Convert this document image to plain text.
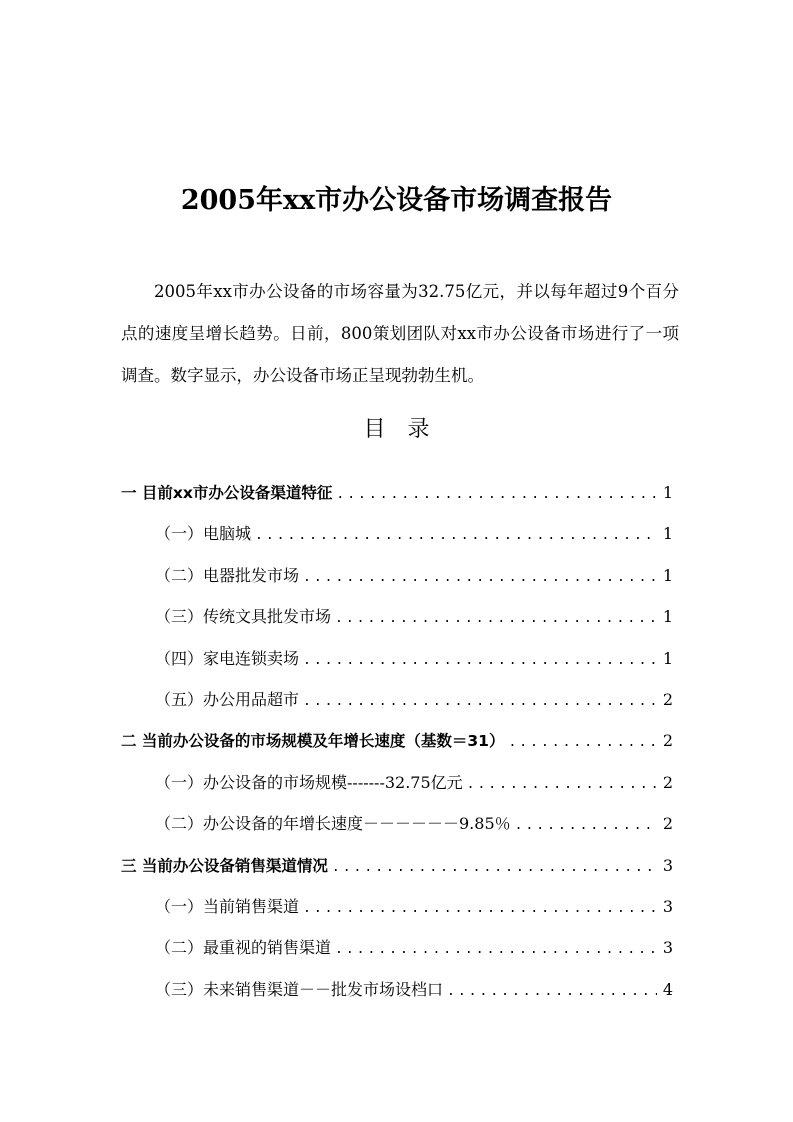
2005年xx市办公设备市场调查报告

2005年xx市办公设备的市场容量为32.75亿元，并以每年超过9个百分点的速度呈增长趋势。日前，800策划团队对xx市办公设备市场进行了一项调查。数字显示，办公设备市场正呈现勃勃生机。

目　录
一 目前xx市办公设备渠道特征 .....	1
（一）电脑城 .....	1
（二）电器批发市场 .....	1
（三）传统文具批发市场 .....	1
（四）家电连锁卖场 .....	1
（五）办公用品超市 .....	2
二 当前办公设备的市场规模及年增长速度（基数＝31） .....	2
（一）办公设备的市场规模-------32.75亿元 .....	2
（二）办公设备的年增长速度－－－－－－9.85％ .....	2
三 当前办公设备销售渠道情况 .....	3
（一）当前销售渠道 .....	3
（二）最重视的销售渠道 .....	3
（三）未来销售渠道－－批发市场设档口 .....	4
